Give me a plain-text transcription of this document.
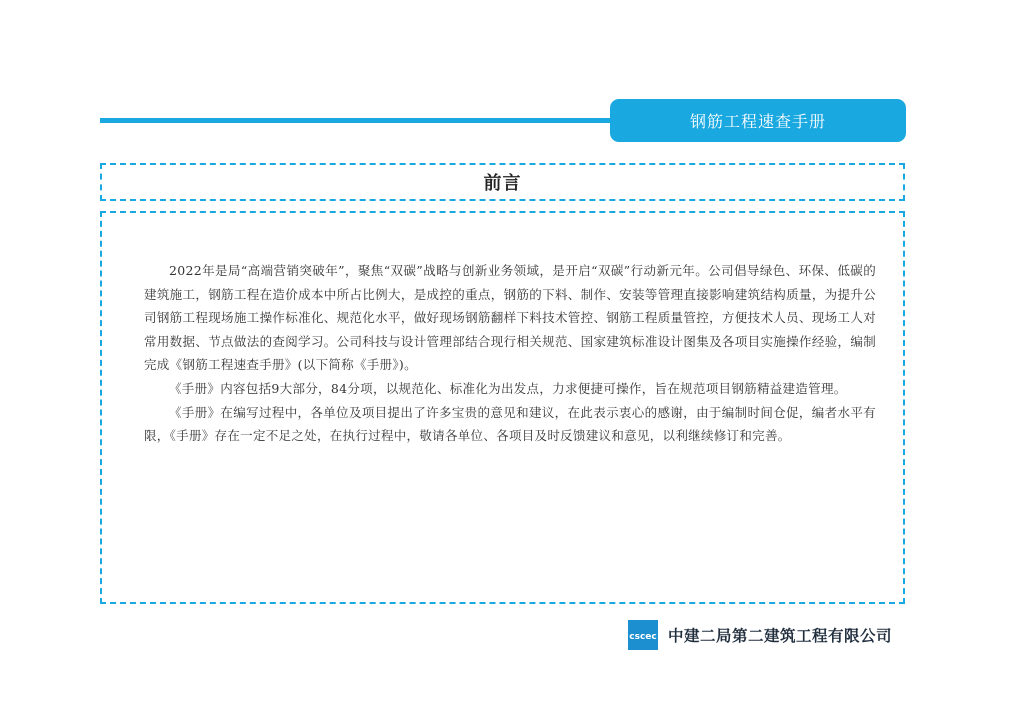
钢筋工程速查手册
前言

2022年是局“高端营销突破年”，聚焦“双碳”战略与创新业务领域，是开启“双碳”行动新元年。公司倡导绿色、环保、低碳的建筑施工，钢筋工程在造价成本中所占比例大，是成控的重点，钢筋的下料、制作、安装等管理直接影响建筑结构质量，为提升公司钢筋工程现场施工操作标准化、规范化水平，做好现场钢筋翻样下料技术管控、钢筋工程质量管控，方便技术人员、现场工人对常用数据、节点做法的查阅学习。公司科技与设计管理部结合现行相关规范、国家建筑标准设计图集及各项目实施操作经验，编制完成《钢筋工程速查手册》(以下简称《手册》)。

《手册》内容包括9大部分，84分项，以规范化、标准化为出发点，力求便捷可操作，旨在规范项目钢筋精益建造管理。

《手册》在编写过程中，各单位及项目提出了许多宝贵的意见和建议，在此表示衷心的感谢，由于编制时间仓促，编者水平有限，《手册》存在一定不足之处，在执行过程中，敬请各单位、各项目及时反馈建议和意见，以利继续修订和完善。

cscec 中建二局第二建筑工程有限公司
